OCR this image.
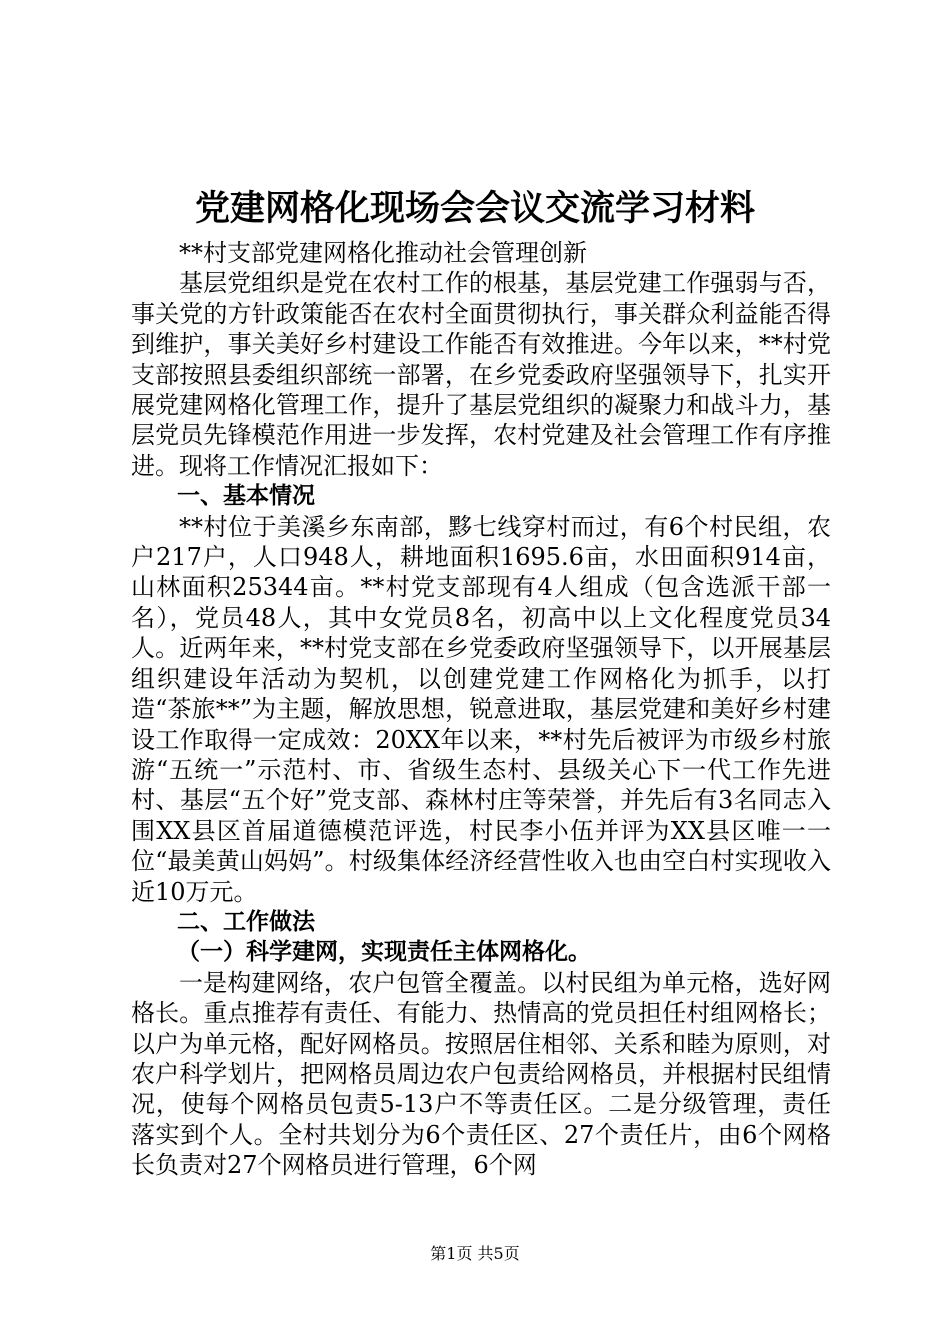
党建网格化现场会会议交流学习材料

**村支部党建网格化推动社会管理创新

基层党组织是党在农村工作的根基，基层党建工作强弱与否，事关党的方针政策能否在农村全面贯彻执行，事关群众利益能否得到维护，事关美好乡村建设工作能否有效推进。今年以来，**村党支部按照县委组织部统一部署，在乡党委政府坚强领导下，扎实开展党建网格化管理工作，提升了基层党组织的凝聚力和战斗力，基层党员先锋模范作用进一步发挥，农村党建及社会管理工作有序推进。现将工作情况汇报如下：

一、基本情况

**村位于美溪乡东南部，黟七线穿村而过，有6个村民组，农户217户，人口948人，耕地面积1695.6亩，水田面积914亩，山林面积25344亩。**村党支部现有4人组成（包含选派干部一名），党员48人，其中女党员8名，初高中以上文化程度党员34人。近两年来，**村党支部在乡党委政府坚强领导下，以开展基层组织建设年活动为契机，以创建党建工作网格化为抓手，以打造“茶旅**”为主题，解放思想，锐意进取，基层党建和美好乡村建设工作取得一定成效：20XX年以来，**村先后被评为市级乡村旅游“五统一”示范村、市、省级生态村、县级关心下一代工作先进村、基层“五个好”党支部、森林村庄等荣誉，并先后有3名同志入围XX县区首届道德模范评选，村民李小伍并评为XX县区唯一一位“最美黄山妈妈”。村级集体经济经营性收入也由空白村实现收入近10万元。

二、工作做法

（一）科学建网，实现责任主体网格化。

一是构建网络，农户包管全覆盖。以村民组为单元格，选好网格长。重点推荐有责任、有能力、热情高的党员担任村组网格长；以户为单元格，配好网格员。按照居住相邻、关系和睦为原则，对农户科学划片，把网格员周边农户包责给网格员，并根据村民组情况，使每个网格员包责5-13户不等责任区。二是分级管理，责任落实到个人。全村共划分为6个责任区、27个责任片，由6个网格长负责对27个网格员进行管理，6个网

第1页 共5页
